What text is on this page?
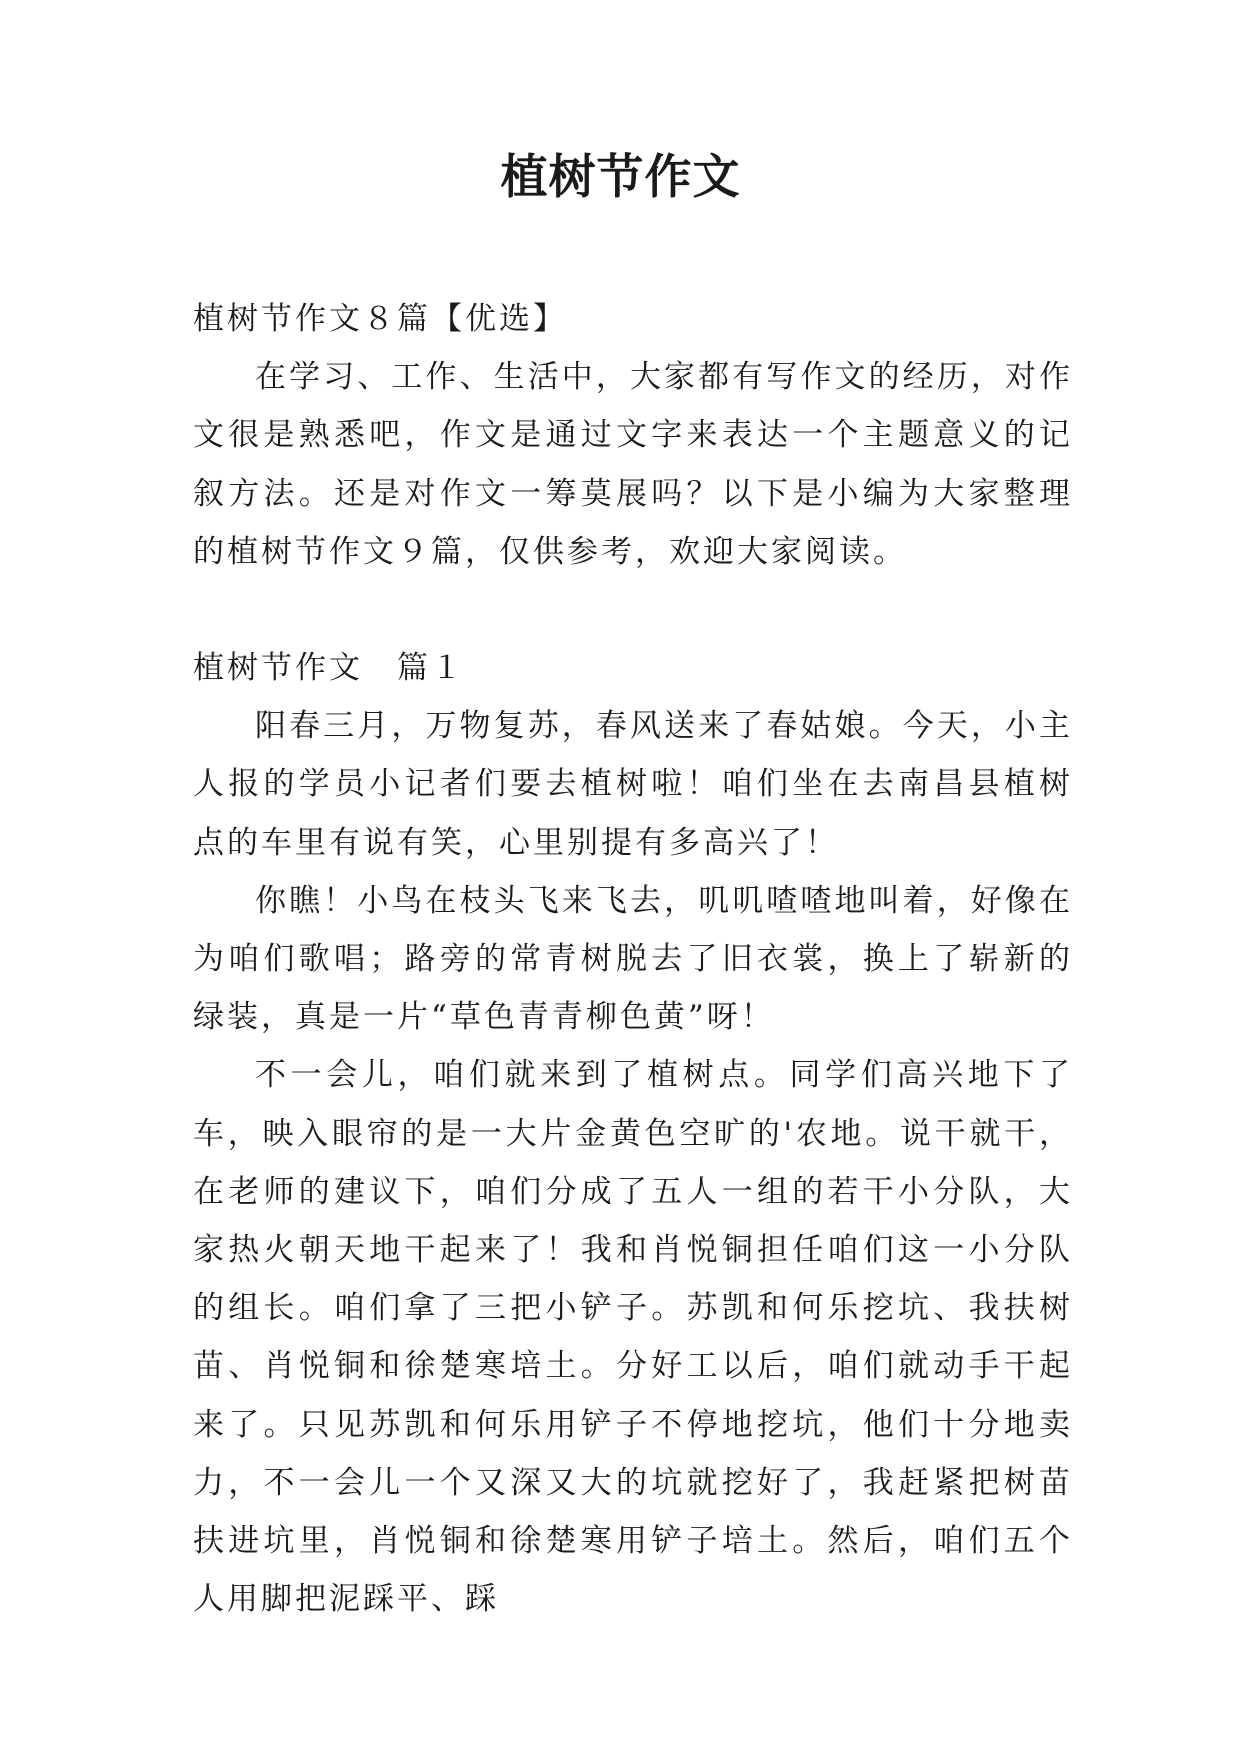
植树节作文

植树节作文８篇【优选】

在学习、工作、生活中，大家都有写作文的经历，对作文很是熟悉吧，作文是通过文字来表达一个主题意义的记叙方法。还是对作文一筹莫展吗？以下是小编为大家整理的植树节作文９篇，仅供参考，欢迎大家阅读。

植树节作文　篇１

阳春三月，万物复苏，春风送来了春姑娘。今天，小主人报的学员小记者们要去植树啦！咱们坐在去南昌县植树点的车里有说有笑，心里别提有多高兴了！

你瞧！小鸟在枝头飞来飞去，叽叽喳喳地叫着，好像在为咱们歌唱；路旁的常青树脱去了旧衣裳，换上了崭新的绿装，真是一片“草色青青柳色黄”呀！

不一会儿，咱们就来到了植树点。同学们高兴地下了车，映入眼帘的是一大片金黄色空旷的'农地。说干就干，在老师的建议下，咱们分成了五人一组的若干小分队，大家热火朝天地干起来了！我和肖悦铜担任咱们这一小分队的组长。咱们拿了三把小铲子。苏凯和何乐挖坑、我扶树苗、肖悦铜和徐楚寒培土。分好工以后，咱们就动手干起来了。只见苏凯和何乐用铲子不停地挖坑，他们十分地卖力，不一会儿一个又深又大的坑就挖好了，我赶紧把树苗扶进坑里，肖悦铜和徐楚寒用铲子培土。然后，咱们五个人用脚把泥踩平、踩
